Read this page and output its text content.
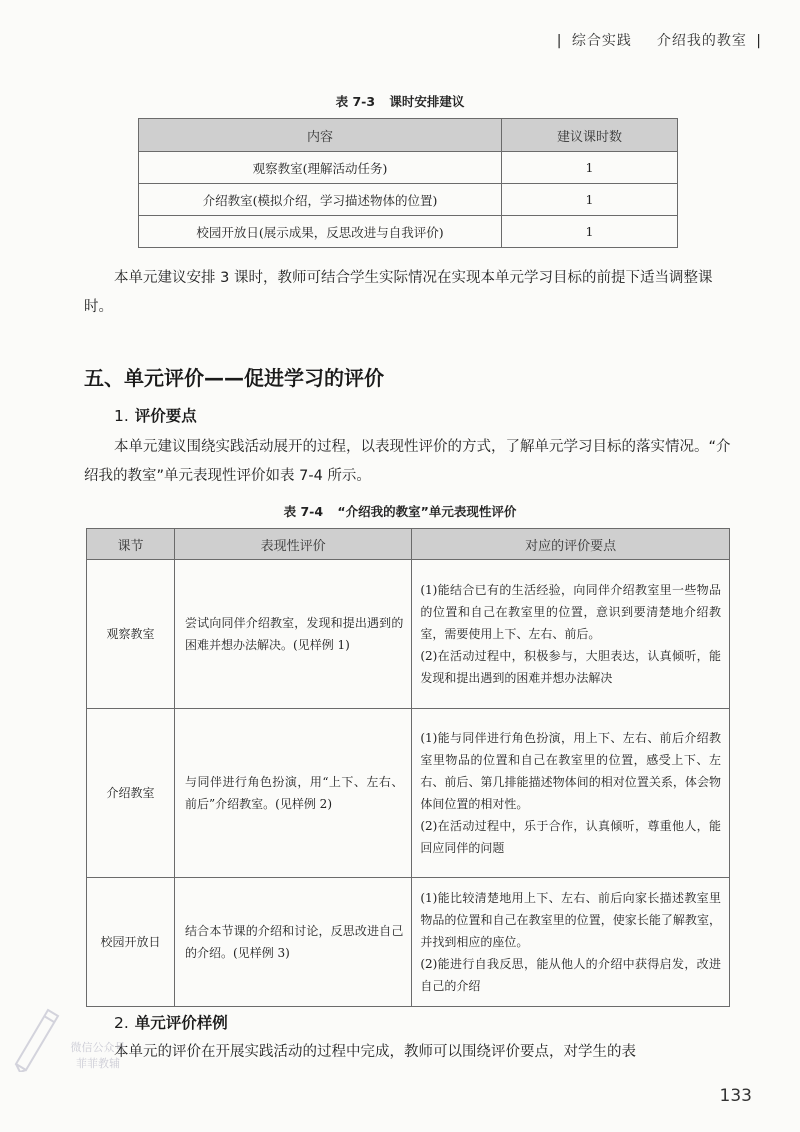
| 综合实践 介绍我的教室 |
表 7-3 课时安排建议
内容	建议课时数
观察教室(理解活动任务)	1
介绍教室(模拟介绍，学习描述物体的位置)	1
校园开放日(展示成果，反思改进与自我评价)	1

本单元建议安排 3 课时，教师可结合学生实际情况在实现本单元学习目标的前提下适当调整课时。

五、单元评价——促进学习的评价
1. 评价要点

本单元建议围绕实践活动展开的过程，以表现性评价的方式，了解单元学习目标的落实情况。“介绍我的教室”单元表现性评价如表 7-4 所示。

表 7-4 “介绍我的教室”单元表现性评价
课节	表现性评价	对应的评价要点
观察教室	尝试向同伴介绍教室，发现和提出遇到的困难并想办法解决。(见样例 1)	(1)能结合已有的生活经验，向同伴介绍教室里一些物品的位置和自己在教室里的位置，意识到要清楚地介绍教室，需要使用上下、左右、前后。
(2)在活动过程中，积极参与，大胆表达，认真倾听，能发现和提出遇到的困难并想办法解决

介绍教室	与同伴进行角色扮演，用“上下、左右、前后”介绍教室。(见样例 2)	(1)能与同伴进行角色扮演，用上下、左右、前后介绍教室里物品的位置和自己在教室里的位置，感受上下、左右、前后、第几排能描述物体间的相对位置关系，体会物体间位置的相对性。
(2)在活动过程中，乐于合作，认真倾听，尊重他人，能回应同伴的问题

校园开放日	结合本节课的介绍和讨论，反思改进自己的介绍。(见样例 3)	(1)能比较清楚地用上下、左右、前后向家长描述教室里物品的位置和自己在教室里的位置，使家长能了解教室，并找到相应的座位。
(2)能进行自我反思，能从他人的介绍中获得启发，改进自己的介绍
2. 单元评价样例

本单元的评价在开展实践活动的过程中完成，教师可以围绕评价要点，对学生的表

微信公众号
菲菲教辅
133
